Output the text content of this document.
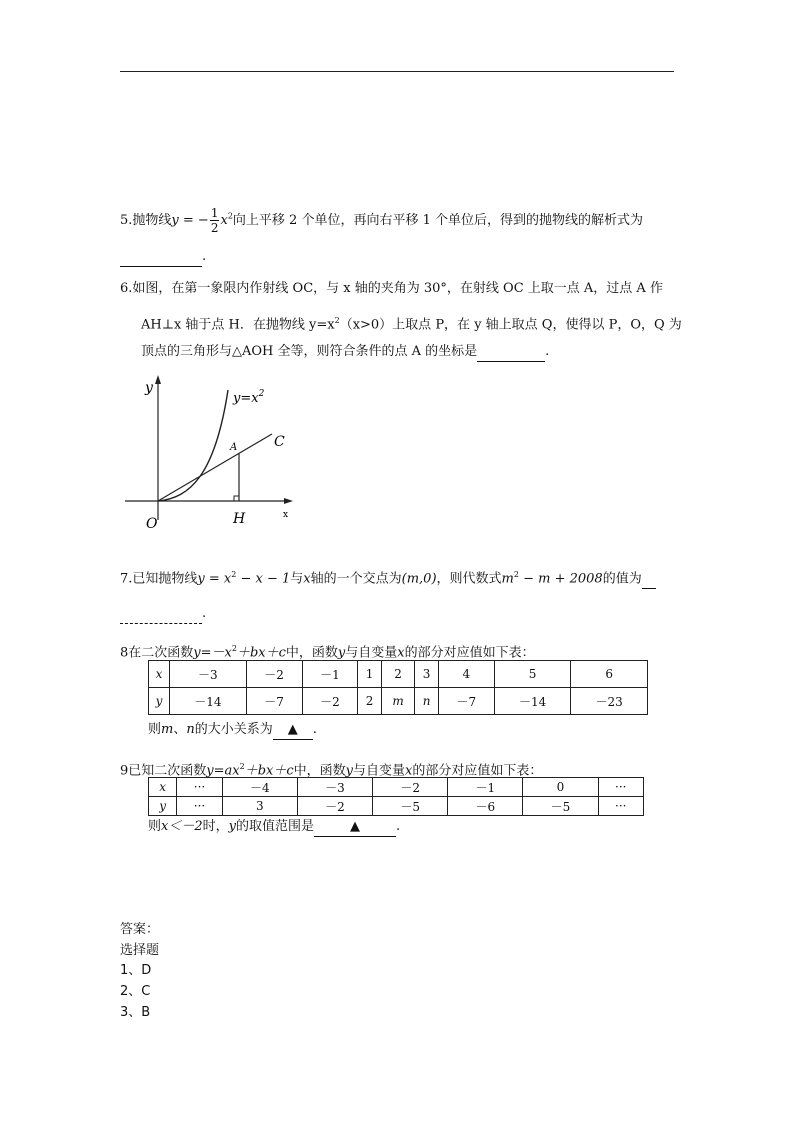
5.抛物线y = − $\frac{1}{2} x^2$向上平移 2 个单位，再向右平移 1 个单位后，得到的抛物线的解析式为
.
6.如图，在第一象限内作射线 OC，与 x 轴的夹角为 30°，在射线 OC 上取一点 A，过点 A 作
AH⊥x 轴于点 H．在抛物线 $y=x^2(x>0)$上取点 P，在 y 轴上取点 Q，使得以 P，O，Q 为
顶点的三角形与△AOH 全等，则符合条件的点 A 的坐标是	.
y
$y=x^2$
C
A
O	H	x
7.已知抛物线$y = x^2 - x - 1$与x轴的一个交点为(m,0)，则代数式$m^2 - m + 2008$的值为
.
8在二次函数$y=-x^2+bx+c$中，函数y与自变量x的部分对应值如下表：
x	－3	－2	－1	1	2	3	4	5	6
y	－14	－7	－2	2	m	n	－7	－14	－23
则m、n的大小关系为 ▲ .
9已知二次函数$y=ax^2+bx+c$中，函数y与自变量x的部分对应值如下表：
x	···	－4	－3	－2	－1	0	···
y	···	3	－2	－5	－6	－5	···
则x＜－2时，y的取值范围是	▲	.
答案：
选择题
1、D
2、C
3、B
